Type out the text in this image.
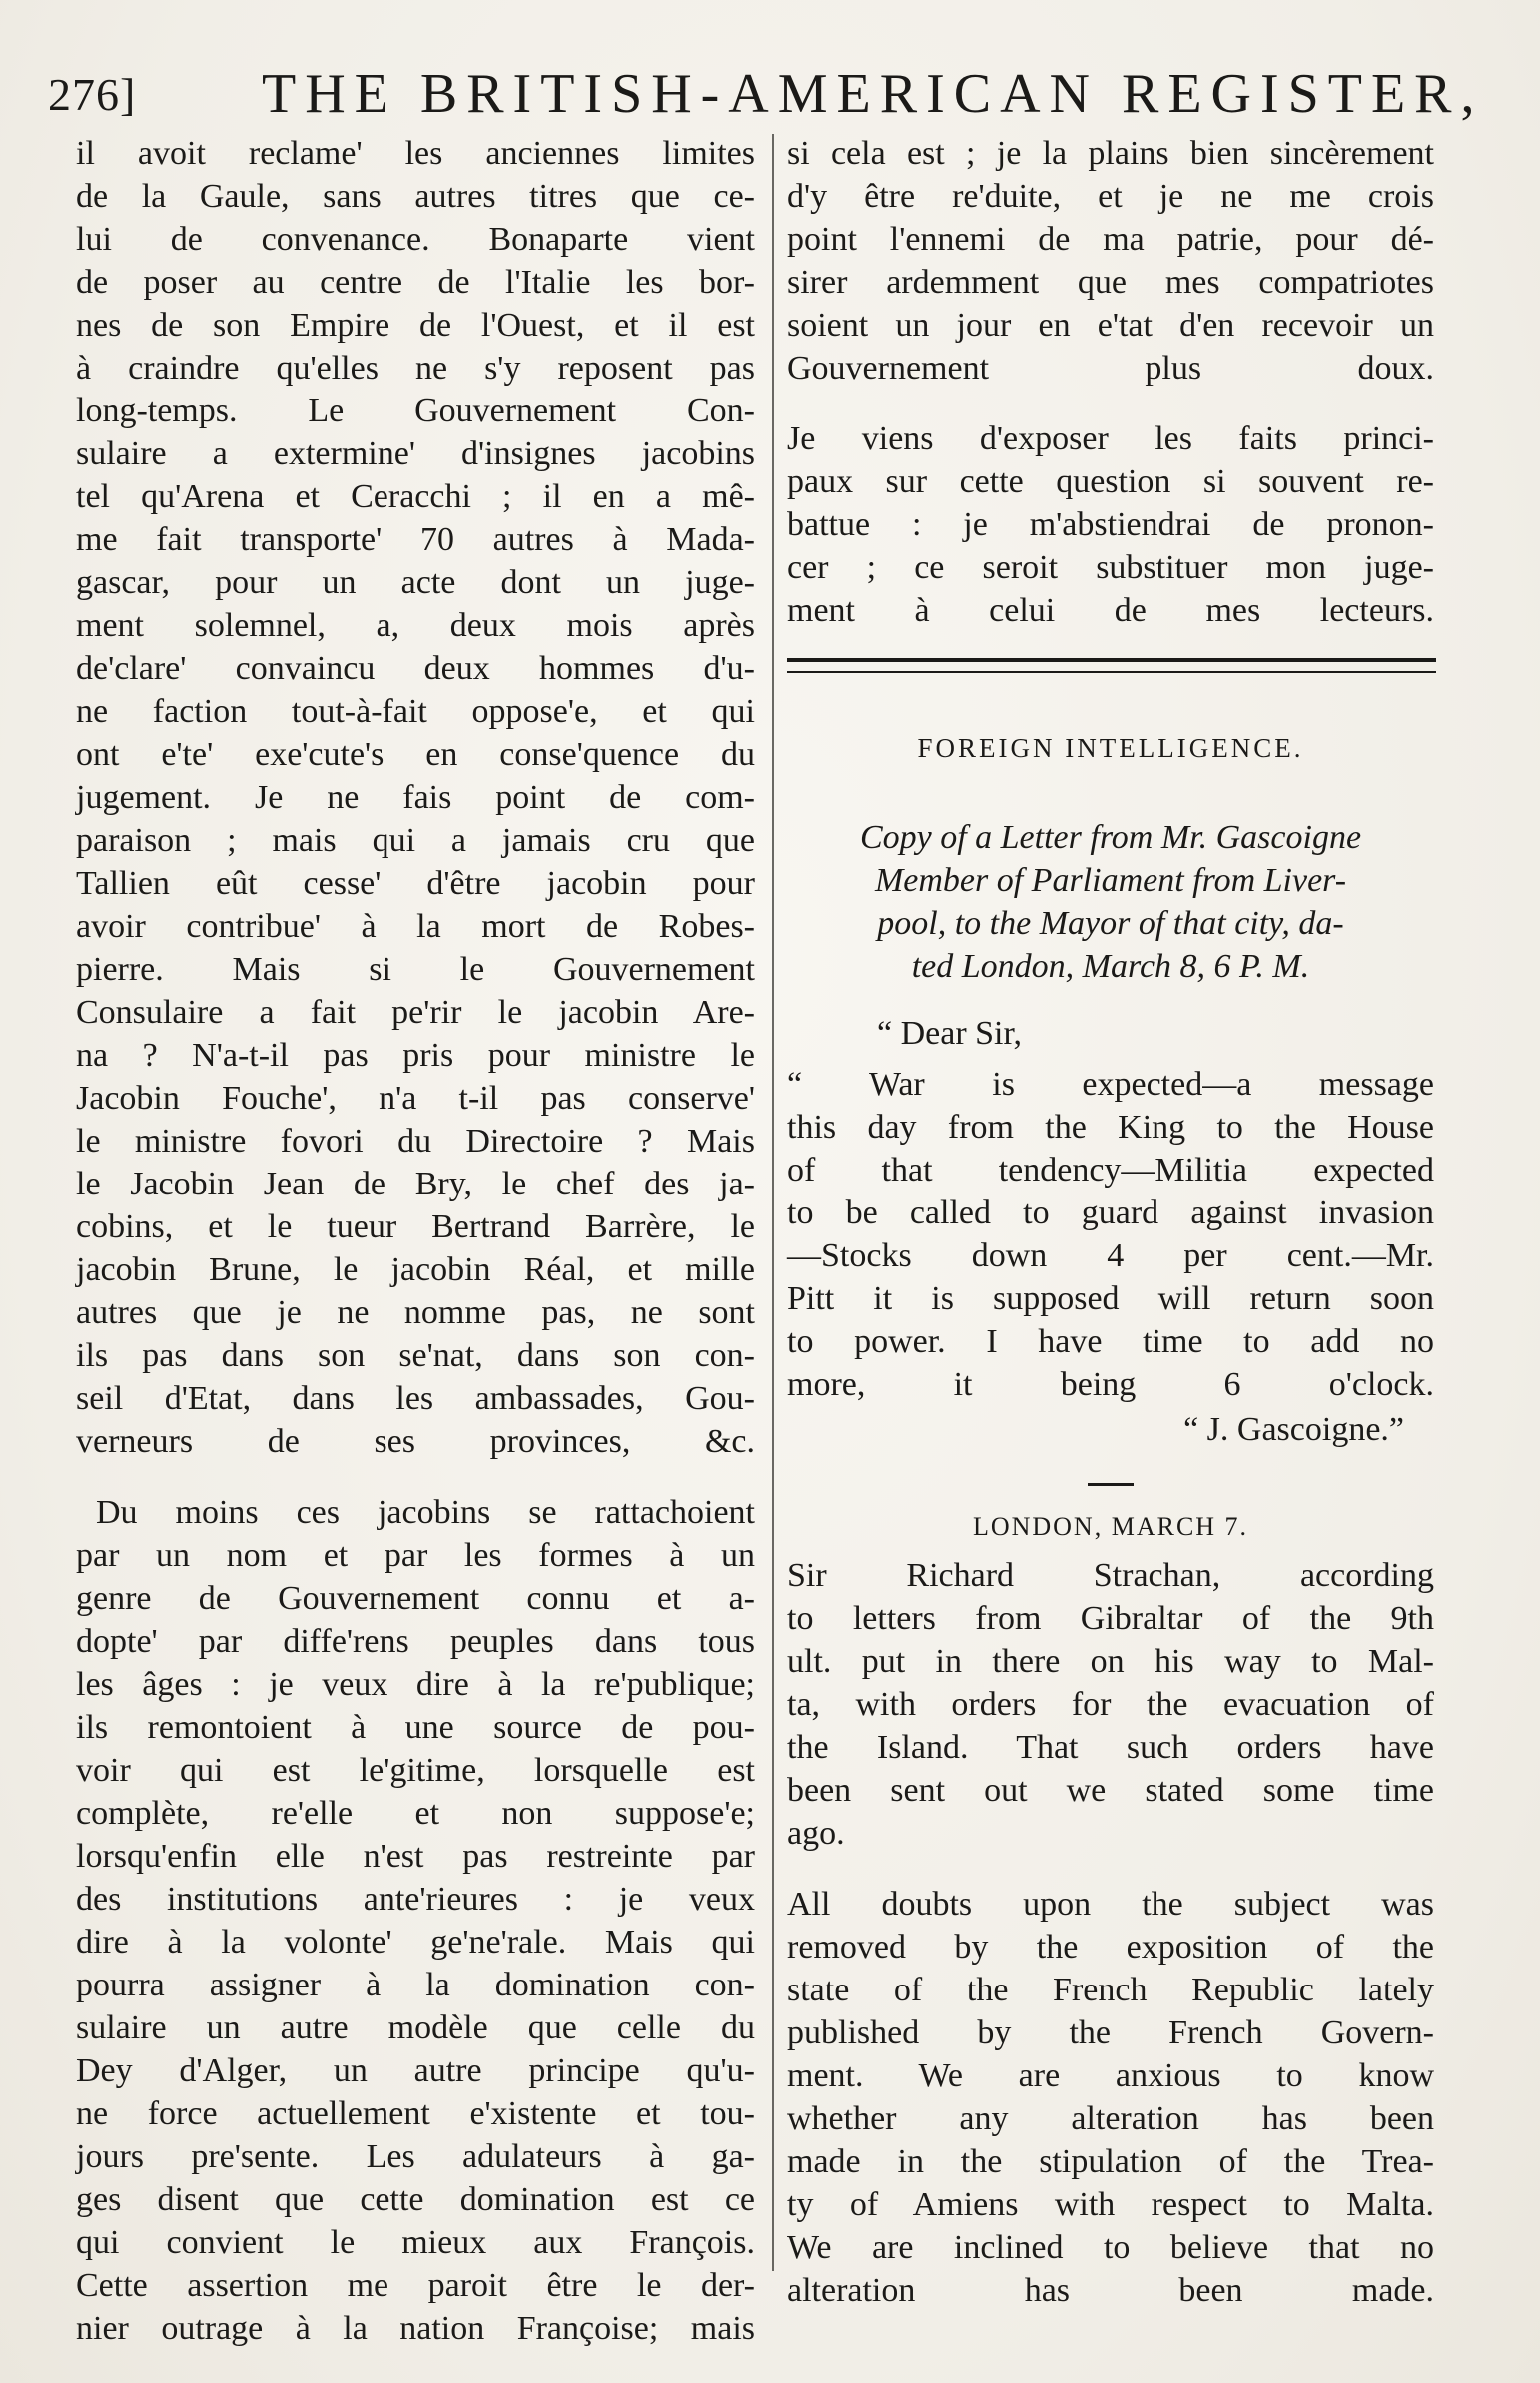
276] THE BRITISH-AMERICAN REGISTER,
il avoit reclame' les anciennes limites
de la Gaule, sans autres titres que ce-
lui de convenance. Bonaparte vient
de poser au centre de l'Italie les bor-
nes de son Empire de l'Ouest, et il est
à craindre qu'elles ne s'y reposent pas
long-temps. Le Gouvernement Con-
sulaire a extermine' d'insignes jacobins
tel qu'Arena et Ceracchi ; il en a mê-
me fait transporte' 70 autres à Mada-
gascar, pour un acte dont un juge-
ment solemnel, a, deux mois après
de'clare' convaincu deux hommes d'u-
ne faction tout-à-fait oppose'e, et qui
ont e'te' exe'cute's en conse'quence du
jugement. Je ne fais point de com-
paraison ; mais qui a jamais cru que
Tallien eût cesse' d'être jacobin pour
avoir contribue' à la mort de Robes-
pierre. Mais si le Gouvernement
Consulaire a fait pe'rir le jacobin Are-
na ? N'a-t-il pas pris pour ministre le
Jacobin Fouche', n'a t-il pas conserve'
le ministre fovori du Directoire ? Mais
le Jacobin Jean de Bry, le chef des ja-
cobins, et le tueur Bertrand Barrère, le
jacobin Brune, le jacobin Réal, et mille
autres que je ne nomme pas, ne sont
ils pas dans son se'nat, dans son con-
seil d'Etat, dans les ambassades, Gou-
verneurs de ses provinces, &c.
Du moins ces jacobins se rattachoient
par un nom et par les formes à un
genre de Gouvernement connu et a-
dopte' par diffe'rens peuples dans tous
les âges : je veux dire à la re'publique;
ils remontoient à une source de pou-
voir qui est le'gitime, lorsquelle est
complète, re'elle et non suppose'e;
lorsqu'enfin elle n'est pas restreinte par
des institutions ante'rieures : je veux
dire à la volonte' ge'ne'rale. Mais qui
pourra assigner à la domination con-
sulaire un autre modèle que celle du
Dey d'Alger, un autre principe qu'u-
ne force actuellement e'xistente et tou-
jours pre'sente. Les adulateurs à ga-
ges disent que cette domination est ce
qui convient le mieux aux François.
Cette assertion me paroit être le der-
nier outrage à la nation Françoise; mais
si cela est ; je la plains bien sincèrement
d'y être re'duite, et je ne me crois
point l'ennemi de ma patrie, pour dé-
sirer ardemment que mes compatriotes
soient un jour en e'tat d'en recevoir un
Gouvernement plus doux.
Je viens d'exposer les faits princi-
paux sur cette question si souvent re-
battue : je m'abstiendrai de pronon-
cer ; ce seroit substituer mon juge-
ment à celui de mes lecteurs.
FOREIGN INTELLIGENCE.
Copy of a Letter from Mr. Gascoigne
Member of Parliament from Liver-
pool, to the Mayor of that city, da-
ted London, March 8, 6 P. M.
“ Dear Sir,
“ War is expected—a message
this day from the King to the House
of that tendency—Militia expected
to be called to guard against invasion
—Stocks down 4 per cent.—Mr.
Pitt it is supposed will return soon
to power. I have time to add no
more, it being 6 o'clock.
“ J. Gascoigne.”
LONDON, MARCH 7.
Sir Richard Strachan, according
to letters from Gibraltar of the 9th
ult. put in there on his way to Mal-
ta, with orders for the evacuation of
the Island. That such orders have
been sent out we stated some time
ago.
All doubts upon the subject was
removed by the exposition of the
state of the French Republic lately
published by the French Govern-
ment. We are anxious to know
whether any alteration has been
made in the stipulation of the Trea-
ty of Amiens with respect to Malta.
We are inclined to believe that no
alteration has been made.
